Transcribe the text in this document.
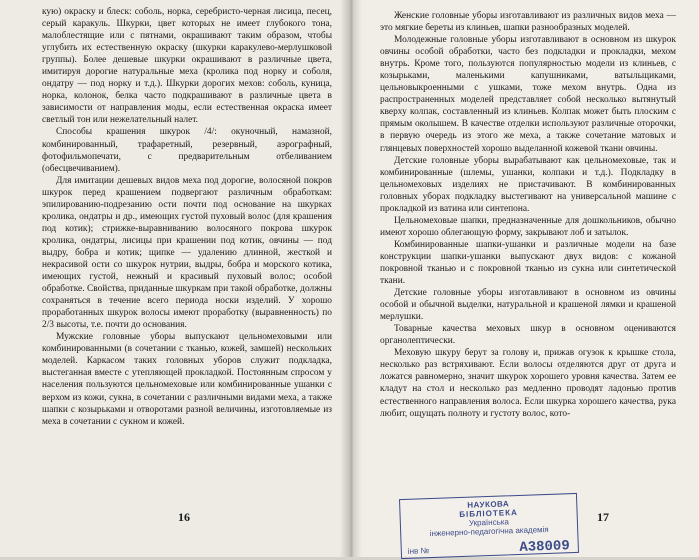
кую) окраску и блеск: соболь, норка, серебристо-черная лисица, песец, серый каракуль. Шкурки, цвет которых не имеет глубокого тона, малоблестящие или с пятнами, окрашивают таким образом, чтобы углубить их естественную окраску (шкурки каракулево-мерлушковой группы). Более дешевые шкурки окрашивают в различные цвета, имитируя дорогие натуральные меха (кролика под норку и соболя, ондатру — под норку и т.д.). Шкурки дорогих мехов: соболь, куница, норка, колонок, белка часто подкрашивают в различные цвета в зависимости от направления моды, если естественная окраска имеет светлый тон или нежелательный налет.

Способы крашения шкурок /4/: окуночный, намазной, комбинированный, трафаретный, резервный, аэрографный, фотофильмопечати, с предварительным отбеливанием (обесцвечиванием).

Для имитации дешевых видов меха под дорогие, волосяной покров шкурок перед крашением подвергают различным обработкам: эпилированию-подрезанию ости почти под основание на шкурках кролика, ондатры и др., имеющих густой пуховый волос (для крашения под котик); стрижке-выравниванию волосяного покрова шкурок кролика, ондатры, лисицы при крашении под котик, овчины — под выдру, бобра и котик; щипке — удалению длинной, жесткой и некрасивой ости со шкурок нутрии, выдры, бобра и морского котика, имеющих густой, нежный и красивый пуховый волос; особой обработке. Свойства, приданные шкуркам при такой обработке, должны сохраняться в течение всего периода носки изделий. У хорошо проработанных шкурок волосы имеют проработку (выравненность) по 2/3 высоты, т.е. почти до основания.

Мужские головные уборы выпускают цельномеховыми или комбинированными (в сочетании с тканью, кожей, замшей) нескольких моделей. Каркасом таких головных уборов служит подкладка, выстеганная вместе с утепляющей прокладкой. Постоянным спросом у населения пользуются цельномеховые или комбинированные ушанки с верхом из кожи, сукна, в сочетании с различными видами меха, а также шапки с козырьками и отворотами разной величины, изготовляемые из меха в сочетании с сукном и кожей.

16

Женские головные уборы изготавливают из различных видов меха — это мягкие береты из клиньев, шапки разнообразных моделей.

Молодежные головные уборы изготавливают в основном из шкурок овчины особой обработки, часто без подкладки и прокладки, мехом внутрь. Кроме того, пользуются популярностью модели из клиньев, с козырьками, маленькими капушниками, ватыльщиками, цельновыкроенными с ушками, тоже мехом внутрь. Одна из распространенных моделей представляет собой несколько вытянутый кверху колпак, составленный из клиньев. Колпак может быть плоским с прямым околышем. В качестве отделки используют различные оторочки, в первую очередь из этого же меха, а также сочетание матовых и глянцевых поверхностей хорошо выделанной кожевой ткани овчины.

Детские головные уборы вырабатывают как цельномеховые, так и комбинированные (шлемы, ушанки, колпаки и т.д.). Подкладку в цельномеховых изделиях не пристачивают. В комбинированных головных уборах подкладку выстегивают на универсальной машине с прокладкой из ватина или синтепона.

Цельномеховые шапки, предназначенные для дошкольников, обычно имеют хорошо облегающую форму, закрывают лоб и затылок.

Комбинированные шапки-ушанки и различные модели на базе конструкции шапки-ушанки выпускают двух видов: с кожаной покровной тканью и с покровной тканью из сукна или синтетической ткани.

Детские головные уборы изготавливают в основном из овчины особой и обычной выделки, натуральной и крашеной лямки и крашеной мерлушки.

Товарные качества меховых шкур в основном оцениваются органолептически.

Меховую шкуру берут за голову и, прижав огузок к крышке стола, несколько раз встряхивают. Если волосы отделяются друг от друга и ложатся равномерно, значит шкурок хорошего уровня качества. Затем ее кладут на стол и несколько раз медленно проводят ладонью против естественного направления волоса. Если шкурка хорошего качества, рука любит, ощущать полноту и густоту волос, кото-

17
НАУКОВА
БІБЛІОТЕКА
Українська
інженерно-педагогічна академія
інв №	А38009
